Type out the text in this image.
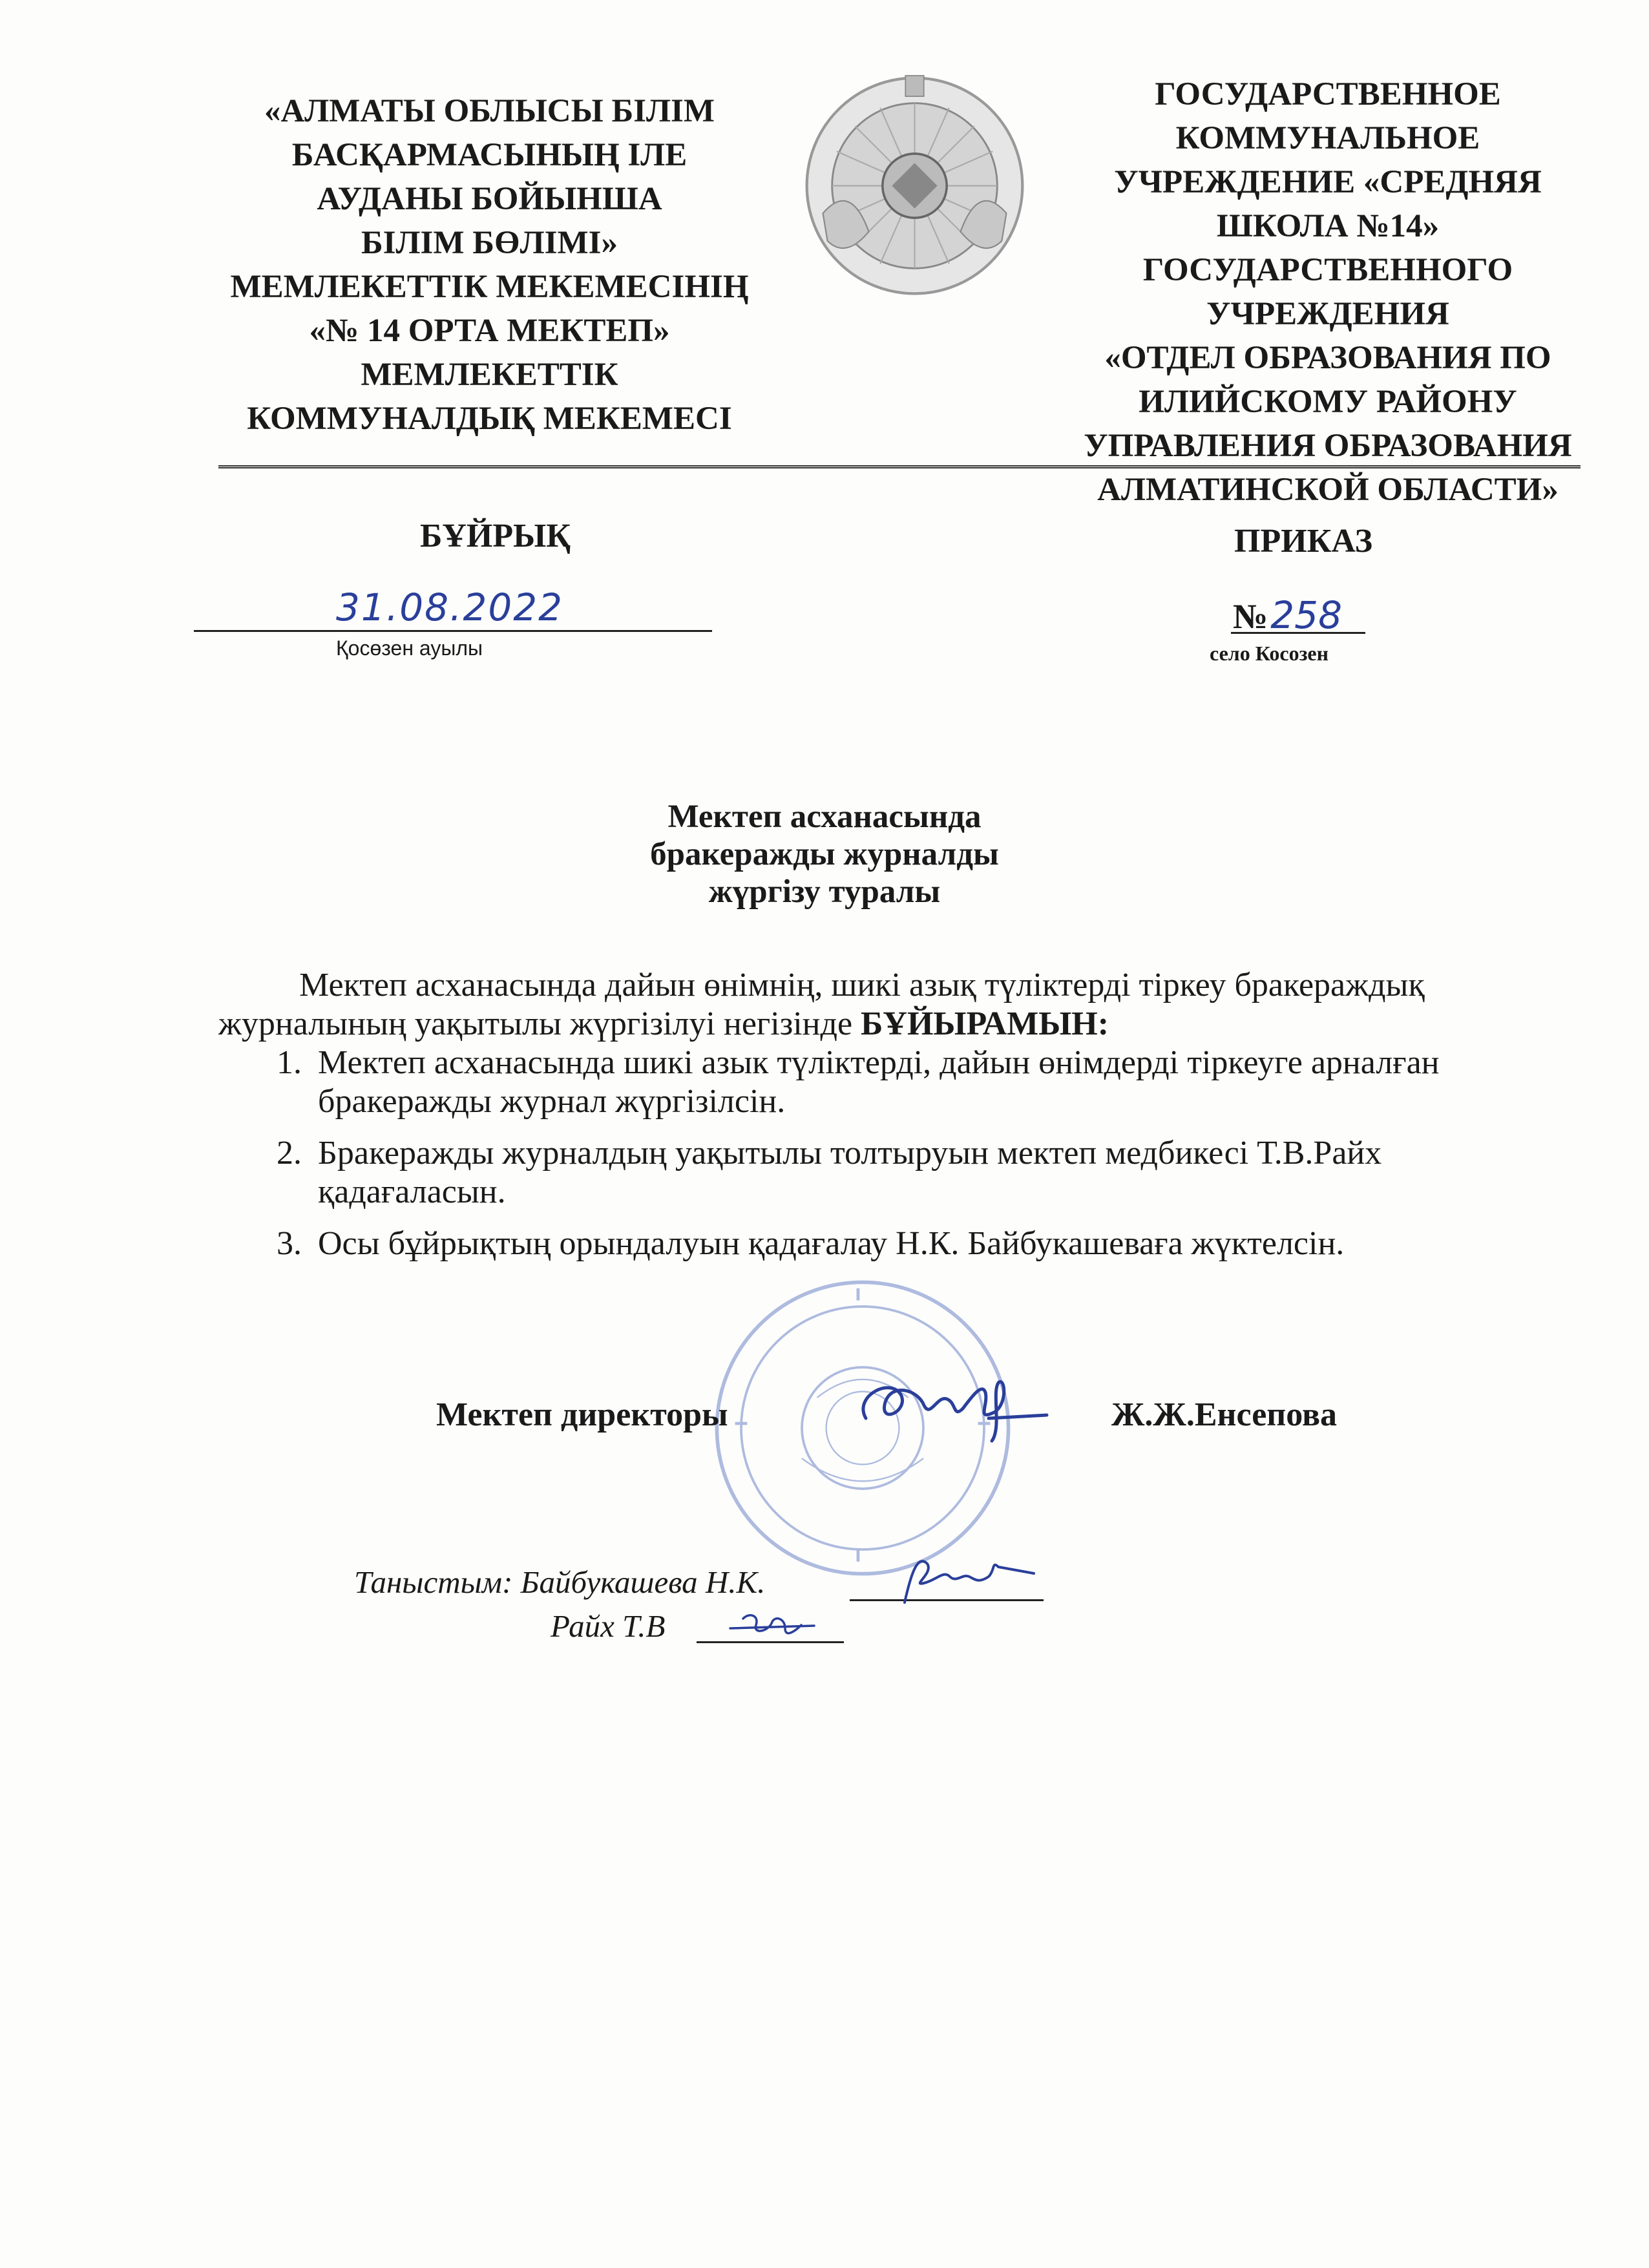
«АЛМАТЫ ОБЛЫСЫ БІЛІМ
БАСҚАРМАСЫНЫҢ ІЛЕ
АУДАНЫ БОЙЫНША
БІЛІМ БӨЛІМІ»
МЕМЛЕКЕТТІК МЕКЕМЕСІНІҢ
«№ 14 ОРТА МЕКТЕП»
МЕМЛЕКЕТТІК
КОММУНАЛДЫҚ МЕКЕМЕСІ
ГОСУДАРСТВЕННОЕ
КОММУНАЛЬНОЕ
УЧРЕЖДЕНИЕ «СРЕДНЯЯ
ШКОЛА №14»
ГОСУДАРСТВЕННОГО
УЧРЕЖДЕНИЯ
«ОТДЕЛ ОБРАЗОВАНИЯ ПО
ИЛИЙСКОМУ РАЙОНУ
УПРАВЛЕНИЯ ОБРАЗОВАНИЯ
АЛМАТИНСКОЙ ОБЛАСТИ»
БҰЙРЫҚ	ПРИКАЗ
31.08.2022
Қосөзен ауылы
№ 258
село Косозен
Мектеп асханасында
бракеражды журналды
жүргізу туралы

Мектеп асханасында дайын өнімнің, шикі азық түліктерді тіркеу бракераждық журналының уақытылы жүргізілуі негізінде БҰЙЫРАМЫН:

1. Мектеп асханасында шикі азык түліктерді, дайын өнімдерді тіркеуге арналған бракеражды журнал жүргізілсін.
2. Бракеражды журналдың уақытылы толтыруын мектеп медбикесі Т.В.Райх қадағаласын.
3. Осы бұйрықтың орындалуын қадағалау Н.К. Байбукашеваға жүктелсін.
Мектеп директоры	Ж.Ж.Енсепова
Таныстым: Байбукашева Н.К.
Райх Т.В
